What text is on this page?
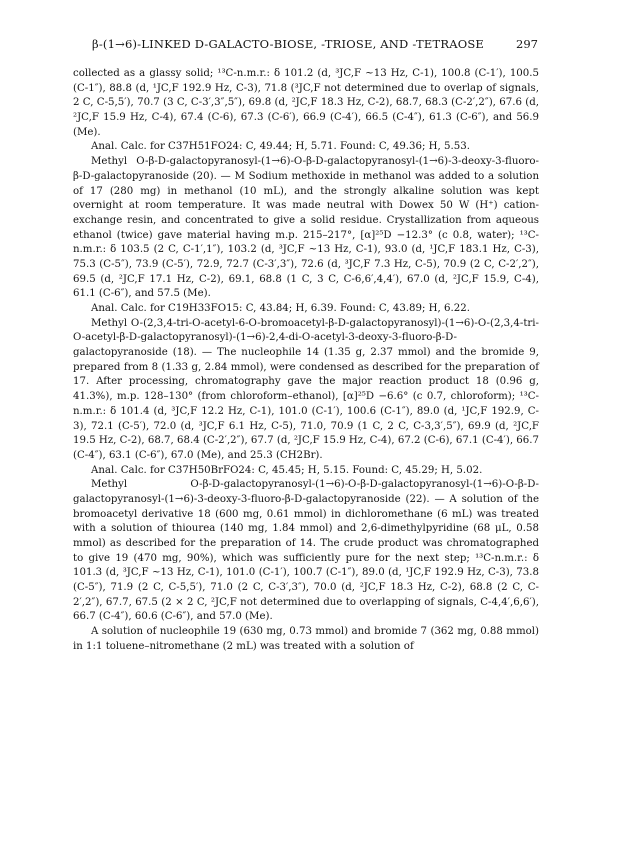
β-(1→6)-LINKED D-GALACTO-BIOSE, -TRIOSE, AND -TETRAOSE	297

collected as a glassy solid; ¹³C-n.m.r.: δ 101.2 (d, ³JC,F ~13 Hz, C-1), 100.8 (C-1′), 100.5 (C-1″), 88.8 (d, ¹JC,F 192.9 Hz, C-3), 71.8 (³JC,F not determined due to overlap of signals, 2 C, C-5,5′), 70.7 (3 C, C-3′,3″,5″), 69.8 (d, ²JC,F 18.3 Hz, C-2), 68.7, 68.3 (C-2′,2″), 67.6 (d, ²JC,F 15.9 Hz, C-4), 67.4 (C-6), 67.3 (C-6′), 66.9 (C-4′), 66.5 (C-4″), 61.3 (C-6″), and 56.9 (Me).

Anal. Calc. for C37H51FO24: C, 49.44; H, 5.71. Found: C, 49.36; H, 5.53.

Methyl O-β-D-galactopyranosyl-(1→6)-O-β-D-galactopyranosyl-(1→6)-3-deoxy-3-fluoro-β-D-galactopyranoside (20). — M Sodium methoxide in methanol was added to a solution of 17 (280 mg) in methanol (10 mL), and the strongly alkaline solution was kept overnight at room temperature. It was made neutral with Dowex 50 W (H⁺) cation-exchange resin, and concentrated to give a solid residue. Crystallization from aqueous ethanol (twice) gave material having m.p. 215–217°, [α]²⁵D −12.3° (c 0.8, water); ¹³C-n.m.r.: δ 103.5 (2 C, C-1′,1″), 103.2 (d, ³JC,F ~13 Hz, C-1), 93.0 (d, ¹JC,F 183.1 Hz, C-3), 75.3 (C-5″), 73.9 (C-5′), 72.9, 72.7 (C-3′,3″), 72.6 (d, ³JC,F 7.3 Hz, C-5), 70.9 (2 C, C-2′,2″), 69.5 (d, ²JC,F 17.1 Hz, C-2), 69.1, 68.8 (1 C, 3 C, C-6,6′,4,4′), 67.0 (d, ²JC,F 15.9, C-4), 61.1 (C-6″), and 57.5 (Me).

Anal. Calc. for C19H33FO15: C, 43.84; H, 6.39. Found: C, 43.89; H, 6.22.

Methyl O-(2,3,4-tri-O-acetyl-6-O-bromoacetyl-β-D-galactopyranosyl)-(1→6)-O-(2,3,4-tri-O-acetyl-β-D-galactopyranosyl)-(1→6)-2,4-di-O-acetyl-3-deoxy-3-fluoro-β-D-galactopyranoside (18). — The nucleophile 14 (1.35 g, 2.37 mmol) and the bromide 9, prepared from 8 (1.33 g, 2.84 mmol), were condensed as described for the preparation of 17. After processing, chromatography gave the major reaction product 18 (0.96 g, 41.3%), m.p. 128–130° (from chloroform–ethanol), [α]²⁵D −6.6° (c 0.7, chloroform); ¹³C-n.m.r.: δ 101.4 (d, ³JC,F 12.2 Hz, C-1), 101.0 (C-1′), 100.6 (C-1″), 89.0 (d, ¹JC,F 192.9, C-3), 72.1 (C-5′), 72.0 (d, ³JC,F 6.1 Hz, C-5), 71.0, 70.9 (1 C, 2 C, C-3,3′,5″), 69.9 (d, ²JC,F 19.5 Hz, C-2), 68.7, 68.4 (C-2′,2″), 67.7 (d, ²JC,F 15.9 Hz, C-4), 67.2 (C-6), 67.1 (C-4′), 66.7 (C-4″), 63.1 (C-6″), 67.0 (Me), and 25.3 (CH2Br).

Anal. Calc. for C37H50BrFO24: C, 45.45; H, 5.15. Found: C, 45.29; H, 5.02.

Methyl O-β-D-galactopyranosyl-(1→6)-O-β-D-galactopyranosyl-(1→6)-O-β-D-galactopyranosyl-(1→6)-3-deoxy-3-fluoro-β-D-galactopyranoside (22). — A solution of the bromoacetyl derivative 18 (600 mg, 0.61 mmol) in dichloromethane (6 mL) was treated with a solution of thiourea (140 mg, 1.84 mmol) and 2,6-dimethylpyridine (68 μL, 0.58 mmol) as described for the preparation of 14. The crude product was chromatographed to give 19 (470 mg, 90%), which was sufficiently pure for the next step; ¹³C-n.m.r.: δ 101.3 (d, ³JC,F ~13 Hz, C-1), 101.0 (C-1′), 100.7 (C-1″), 89.0 (d, ¹JC,F 192.9 Hz, C-3), 73.8 (C-5″), 71.9 (2 C, C-5,5′), 71.0 (2 C, C-3′,3″), 70.0 (d, ²JC,F 18.3 Hz, C-2), 68.8 (2 C, C-2′,2″), 67.7, 67.5 (2 × 2 C, ²JC,F not determined due to overlapping of signals, C-4,4′,6,6′), 66.7 (C-4″), 60.6 (C-6″), and 57.0 (Me).

A solution of nucleophile 19 (630 mg, 0.73 mmol) and bromide 7 (362 mg, 0.88 mmol) in 1:1 toluene–nitromethane (2 mL) was treated with a solution of
